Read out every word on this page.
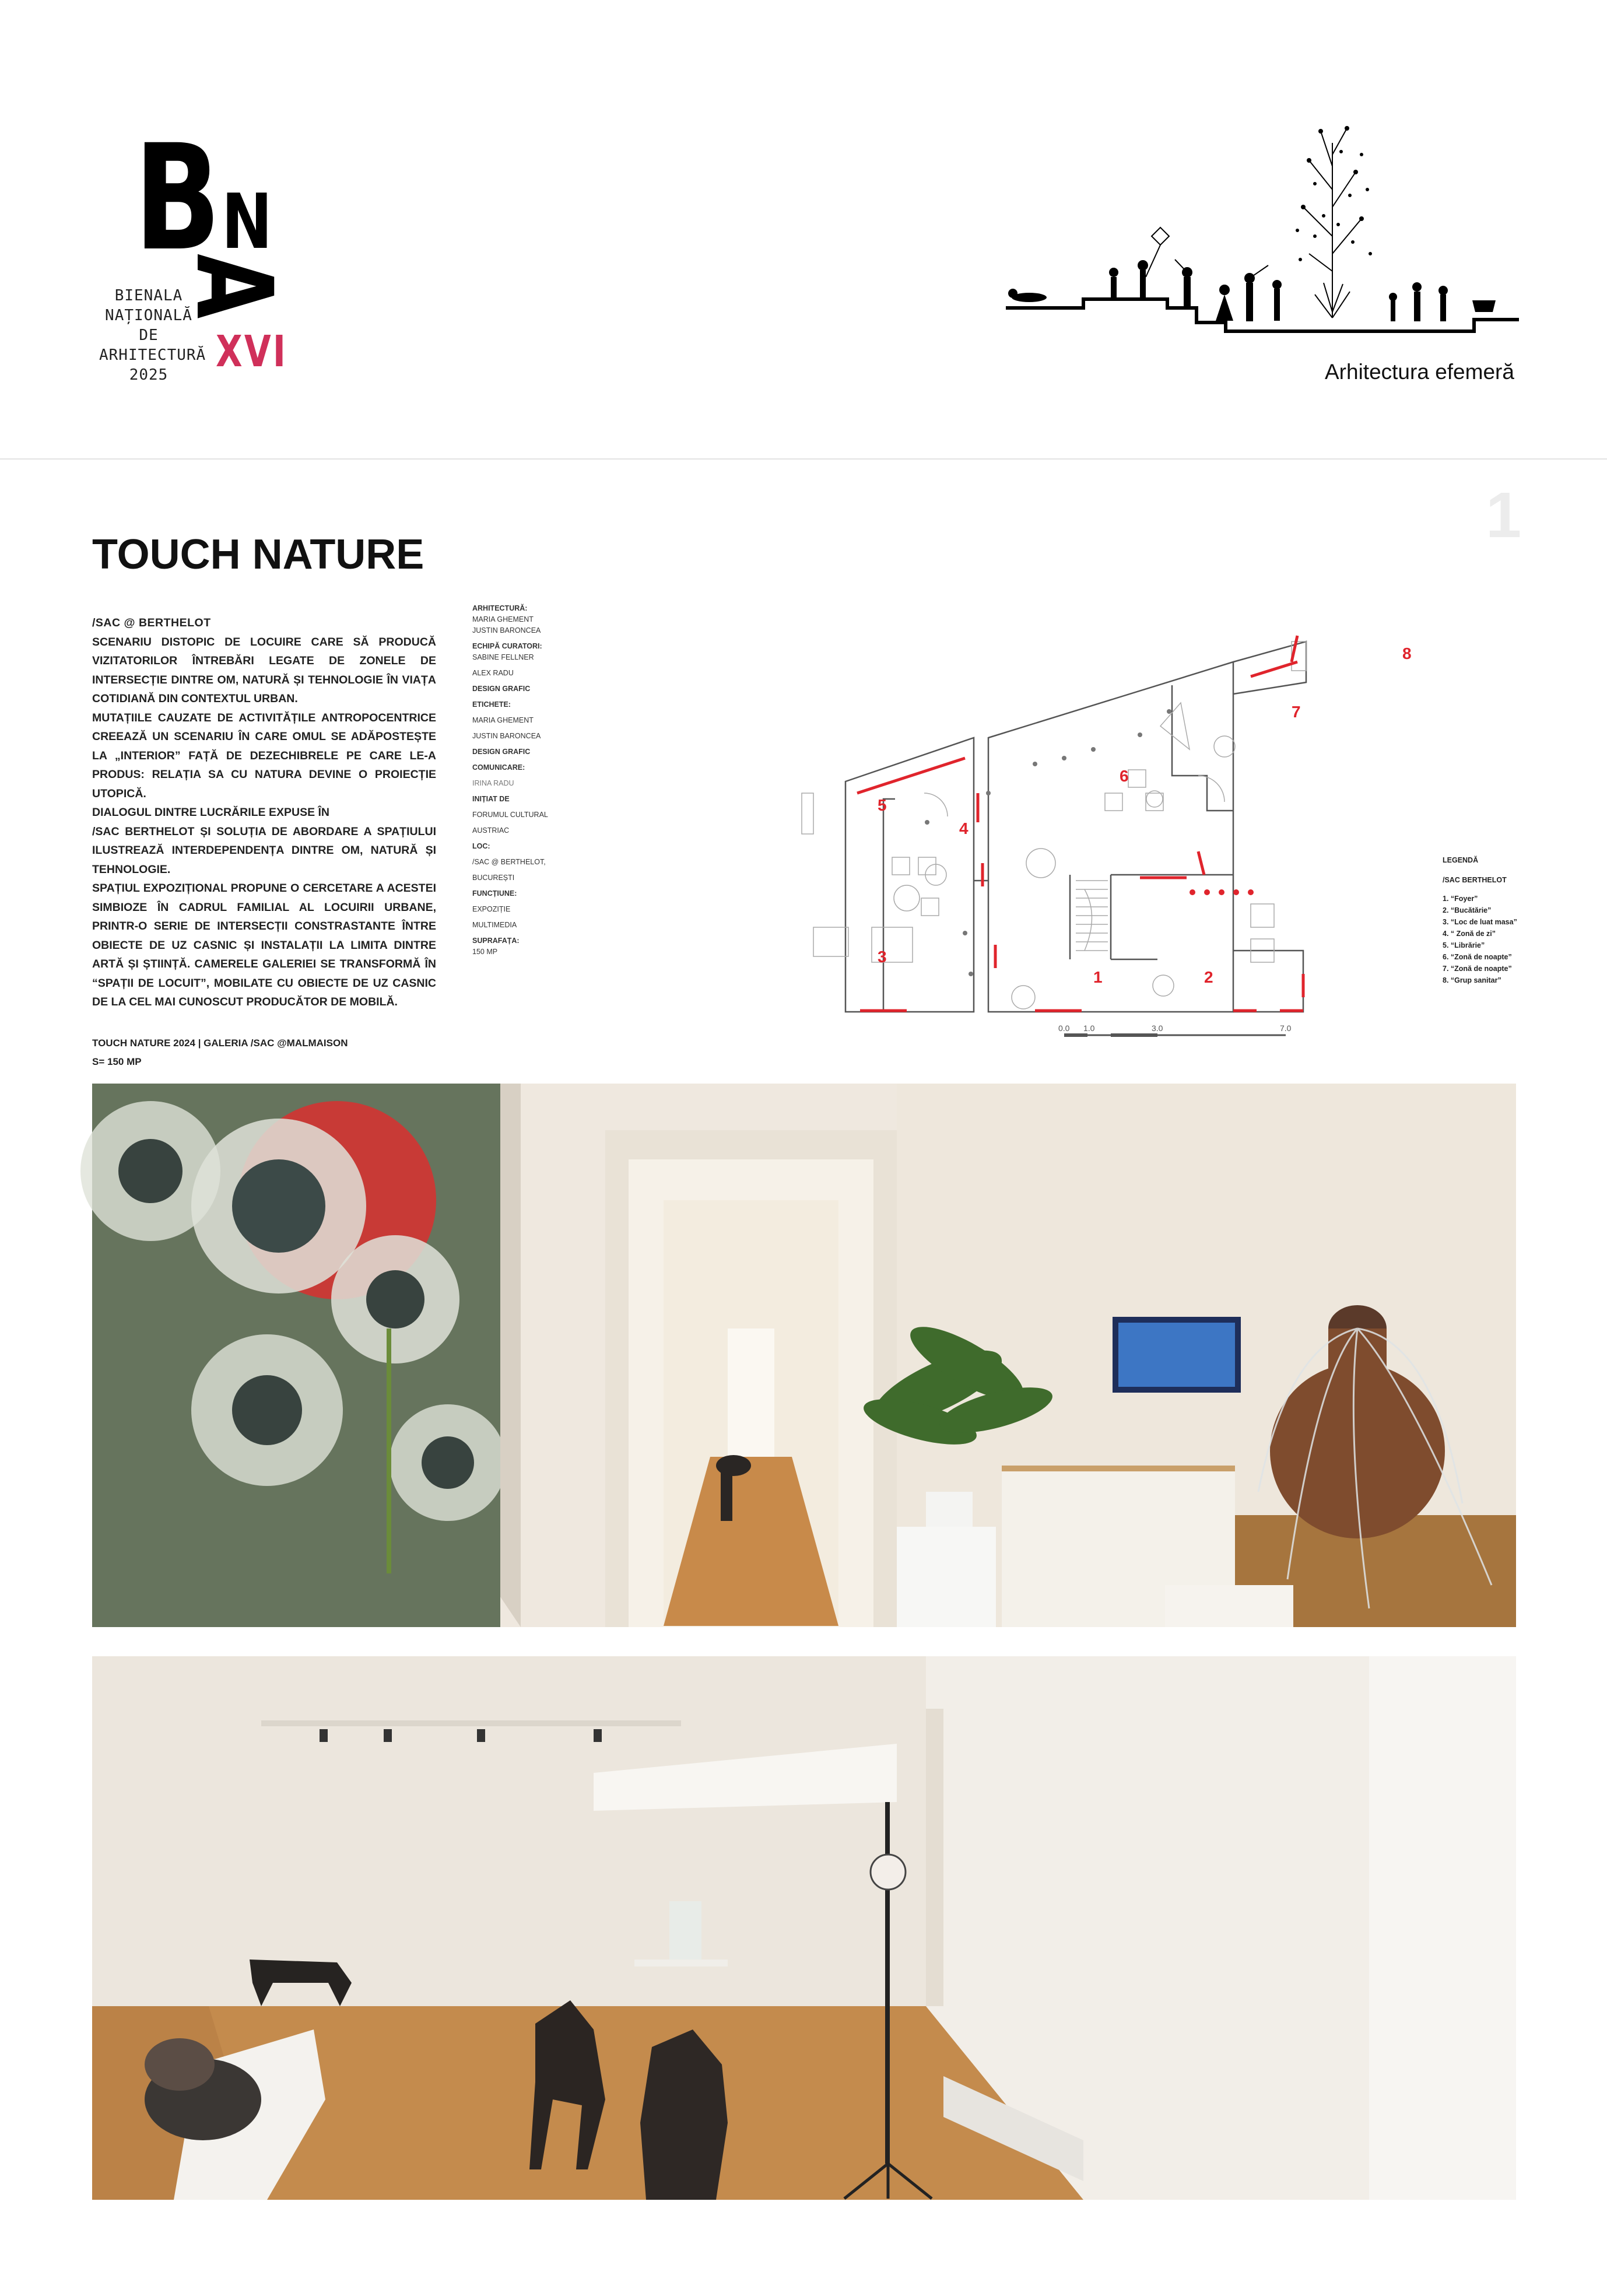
B N
A
BIENALA
NAȚIONALĂ
DE
ARHITECTURĂ
2025	XVI	Arhitectura efemeră
1
TOUCH NATURE

/SAC @ BERTHELOT

SCENARIU DISTOPIC DE LOCUIRE CARE SĂ PRODUCĂ VIZITATORILOR ÎNTREBĂRI LEGATE DE ZONELE DE INTERSECȚIE DINTRE OM, NATURĂ ȘI TEHNOLOGIE ÎN VIAȚA COTIDIANĂ DIN CONTEXTUL URBAN.

MUTAȚIILE CAUZATE DE ACTIVITĂȚILE ANTROPOCENTRICE CREEAZĂ UN SCENARIU ÎN CARE OMUL SE ADĂPOSTEȘTE LA „INTERIOR” FAȚĂ DE DEZECHIBRELE PE CARE LE-A PRODUS: RELAȚIA SA CU NATURA DEVINE O PROIECȚIE UTOPICĂ.

DIALOGUL DINTRE LUCRĂRILE EXPUSE ÎN

/SAC BERTHELOT ȘI SOLUȚIA DE ABORDARE A SPAȚIULUI ILUSTREAZĂ INTERDEPENDENȚA DINTRE OM, NATURĂ ȘI TEHNOLOGIE.

SPAȚIUL EXPOZIȚIONAL PROPUNE O CERCETARE A ACESTEI SIMBIOZE ÎN CADRUL FAMILIAL AL LOCUIRII URBANE, PRINTR-O SERIE DE INTERSECȚII CONSTRASTANTE ÎNTRE OBIECTE DE UZ CASNIC ȘI INSTALAȚII LA LIMITA DINTRE ARTĂ ȘI ȘTIINȚĂ. CAMERELE GALERIEI SE TRANSFORMĂ ÎN “SPAȚII DE LOCUIT”, MOBILATE CU OBIECTE DE UZ CASNIC DE LA CEL MAI CUNOSCUT PRODUCĂTOR DE MOBILĂ.

TOUCH NATURE 2024 | GALERIA /SAC @MALMAISON
S= 150 MP
ARHITECTURĂ:
MARIA GHEMENT
JUSTIN BARONCEA
ECHIPĂ CURATORI:
SABINE FELLNER
ALEX RADU
DESIGN GRAFIC
ETICHETE:
MARIA GHEMENT
JUSTIN BARONCEA
DESIGN GRAFIC
COMUNICARE:
IRINA RADU
INIȚIAT DE
FORUMUL CULTURAL
AUSTRIAC
LOC:
/SAC @ BERTHELOT,
BUCUREȘTI
FUNCȚIUNE:
EXPOZIȚIE
MULTIMEDIA
SUPRAFAȚA:
150 MP
1	2
3
4
5
6
7
8
0.0 1.0	3.0	7.0
LEGENDĂ
/SAC BERTHELOT
1. “Foyer”
2. “Bucătărie”
3. “Loc de luat masa”
4. “ Zonă de zi”
5. “Librărie”
6. “Zonă de noapte”
7. “Zonă de noapte”
8. “Grup sanitar”
